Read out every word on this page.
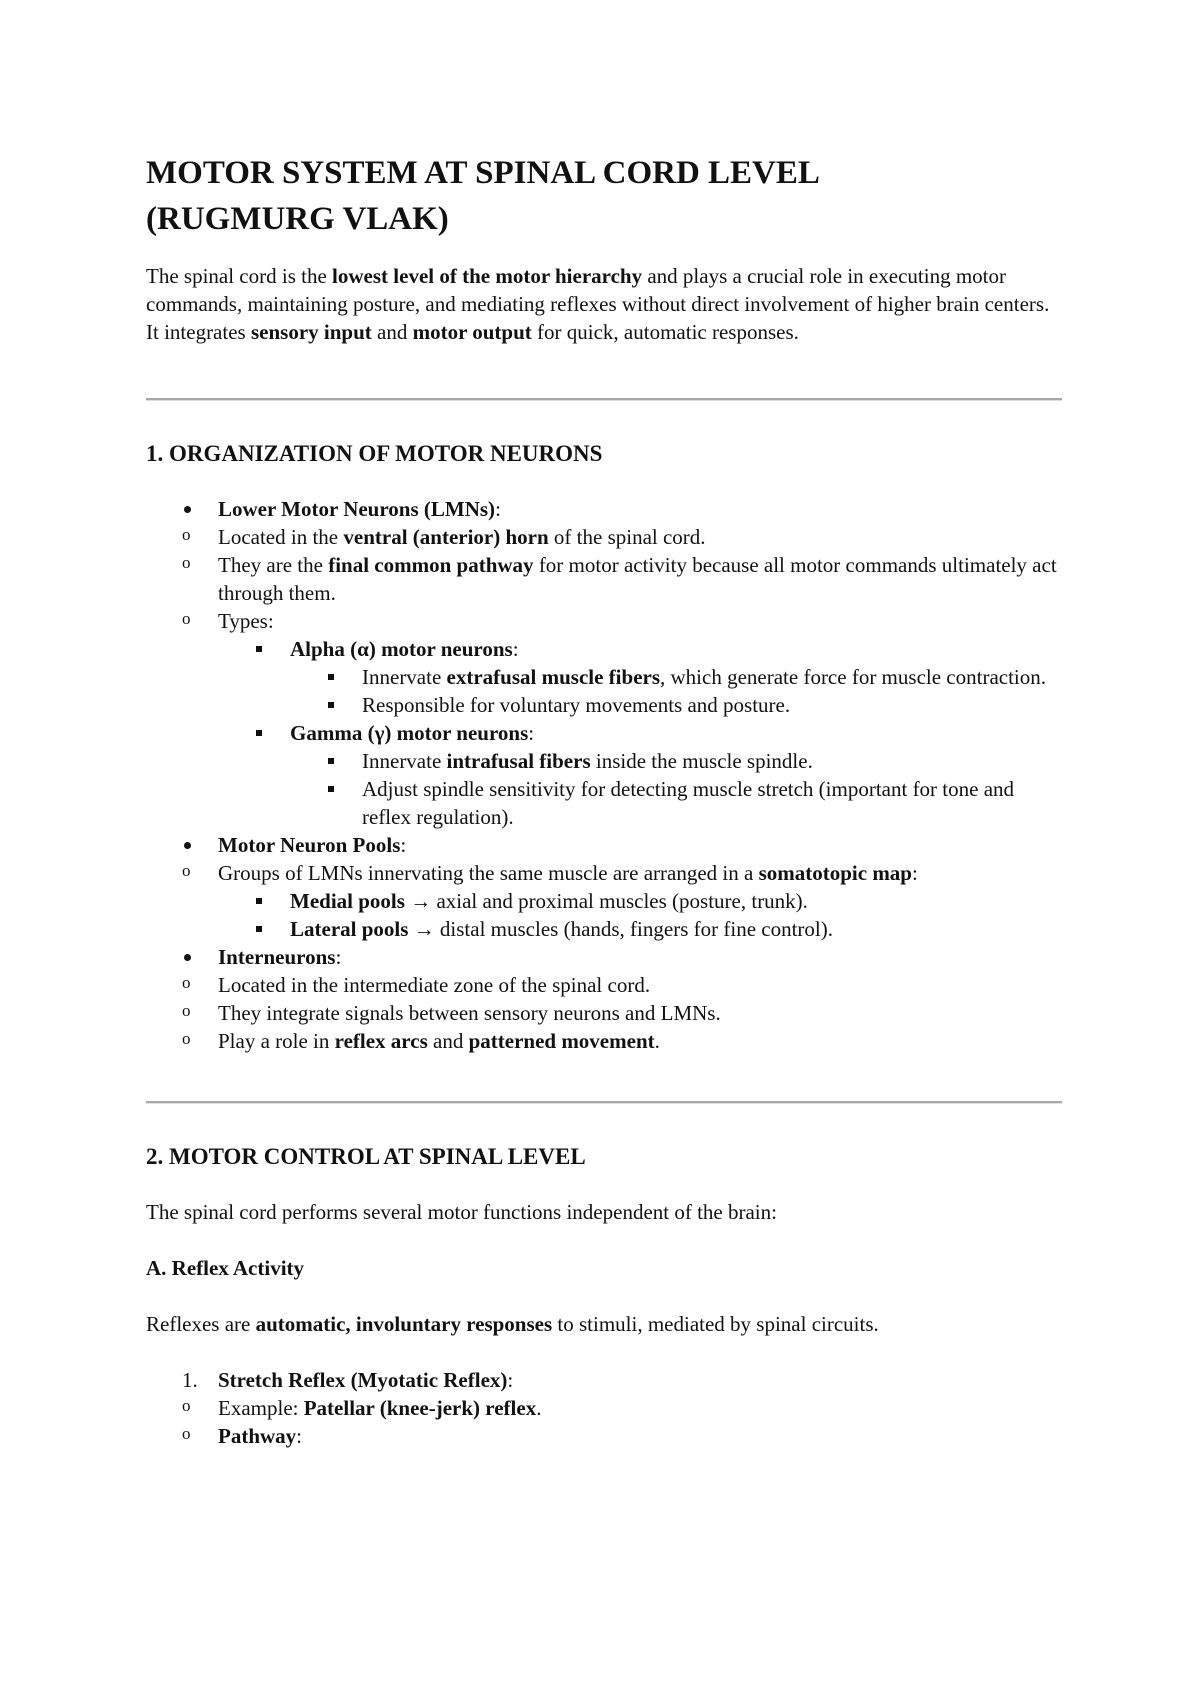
MOTOR SYSTEM AT SPINAL CORD LEVEL
(RUGMURG VLAK)

The spinal cord is the lowest level of the motor hierarchy and plays a crucial role in executing motor commands, maintaining posture, and mediating reflexes without direct involvement of higher brain centers. It integrates sensory input and motor output for quick, automatic responses.

1. ORGANIZATION OF MOTOR NEURONS
Lower Motor Neurons (LMNs):
Located in the ventral (anterior) horn of the spinal cord.
They are the final common pathway for motor activity because all motor commands ultimately act through them.
Types:
Alpha (α) motor neurons:
Innervate extrafusal muscle fibers, which generate force for muscle contraction.
Responsible for voluntary movements and posture.
Gamma (γ) motor neurons:
Innervate intrafusal fibers inside the muscle spindle.
Adjust spindle sensitivity for detecting muscle stretch (important for tone and reflex regulation).
Motor Neuron Pools:
Groups of LMNs innervating the same muscle are arranged in a somatotopic map:
Medial pools → axial and proximal muscles (posture, trunk).
Lateral pools → distal muscles (hands, fingers for fine control).
Interneurons:
Located in the intermediate zone of the spinal cord.
They integrate signals between sensory neurons and LMNs.
Play a role in reflex arcs and patterned movement.
2. MOTOR CONTROL AT SPINAL LEVEL

The spinal cord performs several motor functions independent of the brain:

A. Reflex Activity

Reflexes are automatic, involuntary responses to stimuli, mediated by spinal circuits.

1. Stretch Reflex (Myotatic Reflex):
Example: Patellar (knee-jerk) reflex.
Pathway:
